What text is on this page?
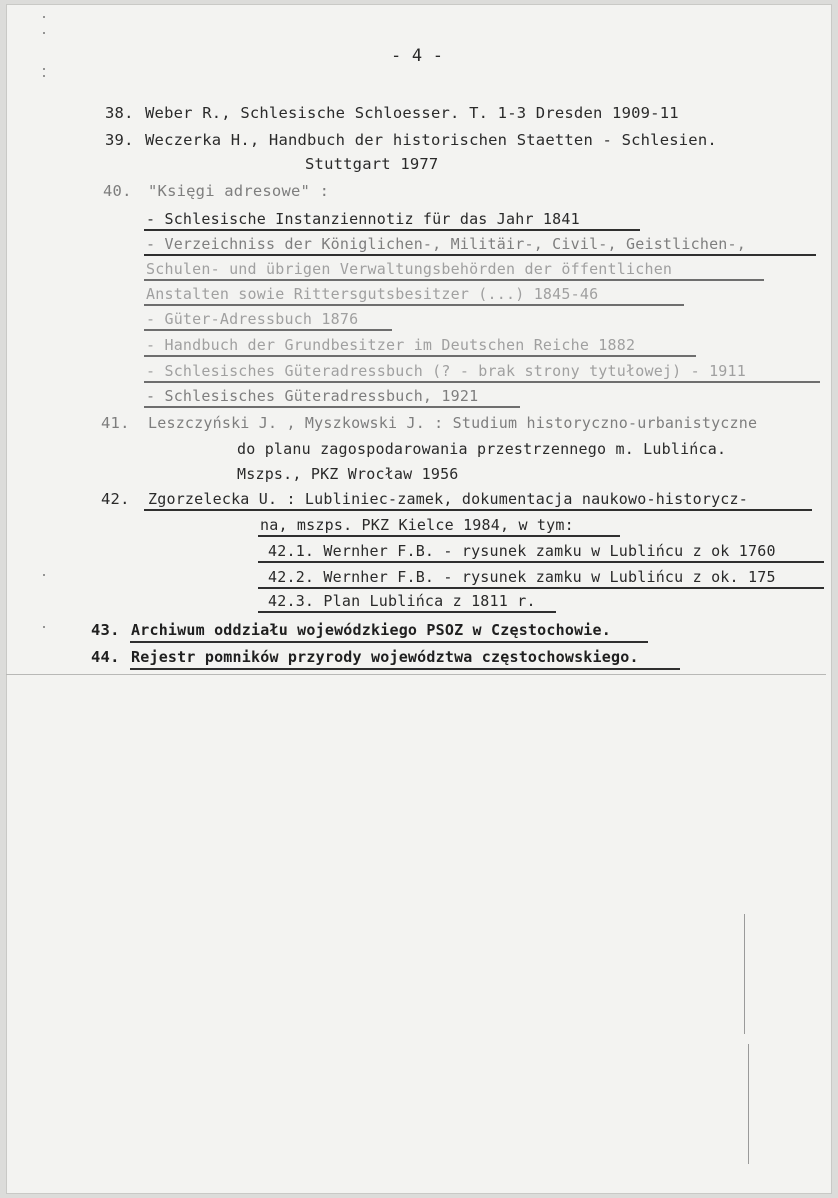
- 4 -
38. Weber R., Schlesische Schloesser. T. 1-3 Dresden 1909-11
39. Weczerka H., Handbuch der historischen Staetten - Schlesien.
Stuttgart 1977
40. "Księgi adresowe" :
- Schlesische Instanziennotiz für das Jahr 1841
- Verzeichniss der Königlichen-, Militäir-, Civil-, Geistlichen-,
Schulen- und übrigen Verwaltungsbehörden der öffentlichen
Anstalten sowie Rittersgutsbesitzer (...) 1845-46
- Güter-Adressbuch 1876
- Handbuch der Grundbesitzer im Deutschen Reiche 1882
- Schlesisches Güteradressbuch (? - brak strony tytułowej) - 1911
- Schlesisches Güteradressbuch, 1921
41. Leszczyński J. , Myszkowski J. : Studium historyczno-urbanistyczne
do planu zagospodarowania przestrzennego m. Lublińca.
Mszps., PKZ Wrocław 1956
42. Zgorzelecka U. : Lubliniec-zamek, dokumentacja naukowo-historycz-
na, mszps. PKZ Kielce 1984, w tym:
42.1. Wernher F.B. - rysunek zamku w Lublińcu z ok 1760
42.2. Wernher F.B. - rysunek zamku w Lublińcu z ok. 175
42.3. Plan Lublińca z 1811 r.
43. Archiwum oddziału wojewódzkiego PSOZ w Częstochowie.
44. Rejestr pomników przyrody województwa częstochowskiego.
